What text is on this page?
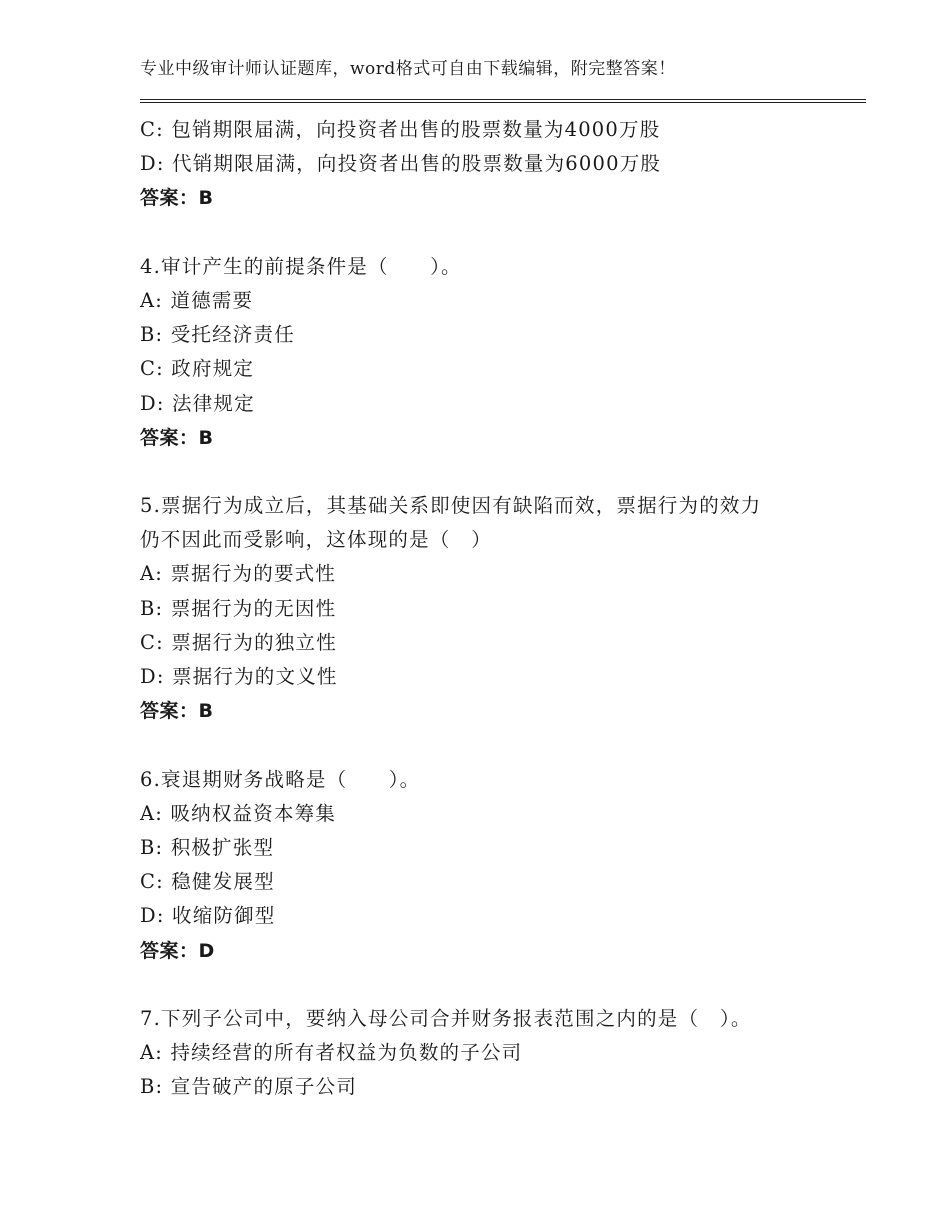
专业中级审计师认证题库，word格式可自由下载编辑，附完整答案！
C: 包销期限届满，向投资者出售的股票数量为4000万股
D: 代销期限届满，向投资者出售的股票数量为6000万股
答案：B
4.审计产生的前提条件是（　　）。
A: 道德需要
B: 受托经济责任
C: 政府规定
D: 法律规定
答案：B
5.票据行为成立后，其基础关系即使因有缺陷而效，票据行为的效力
仍不因此而受影响，这体现的是（　）
A: 票据行为的要式性
B: 票据行为的无因性
C: 票据行为的独立性
D: 票据行为的文义性
答案：B
6.衰退期财务战略是（　　）。
A: 吸纳权益资本筹集
B: 积极扩张型
C: 稳健发展型
D: 收缩防御型
答案：D
7.下列子公司中，要纳入母公司合并财务报表范围之内的是（　）。
A: 持续经营的所有者权益为负数的子公司
B: 宣告破产的原子公司
